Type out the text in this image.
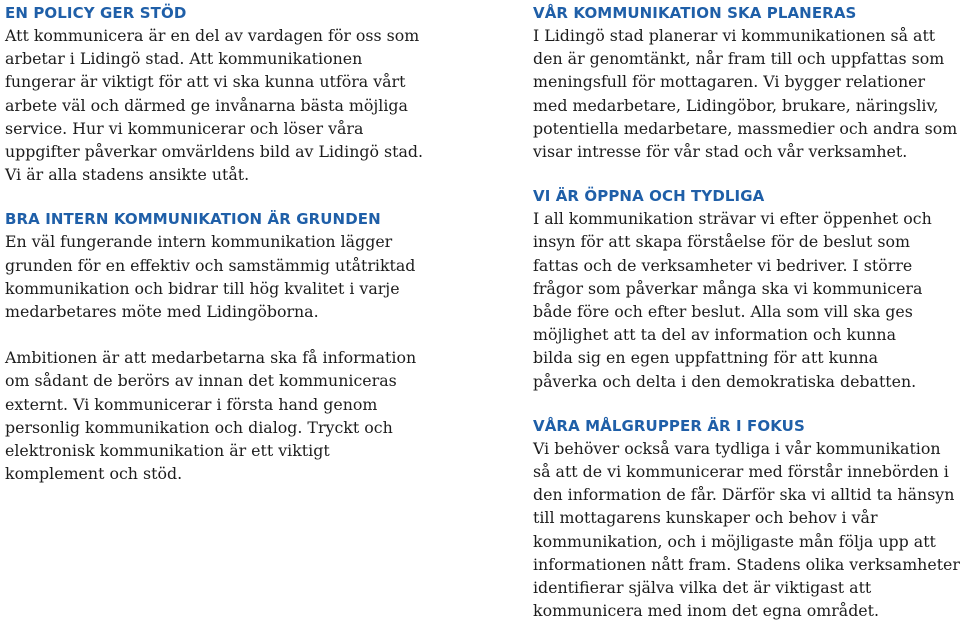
EN POLICY GER STÖD

Att kommunicera är en del av vardagen för oss som arbetar i Lidingö stad. Att kommunikationen fungerar är viktigt för att vi ska kunna utföra vårt arbete väl och därmed ge invånarna bästa möjliga service. Hur vi kommunicerar och löser våra uppgifter påverkar omvärldens bild av Lidingö stad. Vi är alla stadens ansikte utåt.

BRA INTERN KOMMUNIKATION ÄR GRUNDEN

En väl fungerande intern kommunikation lägger grunden för en effektiv och samstämmig utåtriktad kommunikation och bidrar till hög kvalitet i varje medarbetares möte med Lidingöborna.

Ambitionen är att medarbetarna ska få information om sådant de berörs av innan det kommuniceras externt. Vi kommunicerar i första hand genom personlig kommunikation och dialog. Tryckt och elektronisk kommunikation är ett viktigt komplement och stöd.

VÅR KOMMUNIKATION SKA PLANERAS

I Lidingö stad planerar vi kommunikationen så att den är genomtänkt, når fram till och uppfattas som meningsfull för mottagaren. Vi bygger relationer med medarbetare, Lidingöbor, brukare, näringsliv, potentiella medarbetare, massmedier och andra som visar intresse för vår stad och vår verksamhet.

VI ÄR ÖPPNA OCH TYDLIGA

I all kommunikation strävar vi efter öppenhet och insyn för att skapa förståelse för de beslut som fattas och de verksamheter vi bedriver. I större frågor som påverkar många ska vi kommunicera både före och efter beslut. Alla som vill ska ges möjlighet att ta del av information och kunna bilda sig en egen uppfattning för att kunna påverka och delta i den demokratiska debatten.

VÅRA MÅLGRUPPER ÄR I FOKUS

Vi behöver också vara tydliga i vår kommunikation så att de vi kommunicerar med förstår innebörden i den information de får. Därför ska vi alltid ta hänsyn till mottagarens kunskaper och behov i vår kommunikation, och i möjligaste mån följa upp att informationen nått fram. Stadens olika verksamheter identifierar själva vilka det är viktigast att kommunicera med inom det egna området.
